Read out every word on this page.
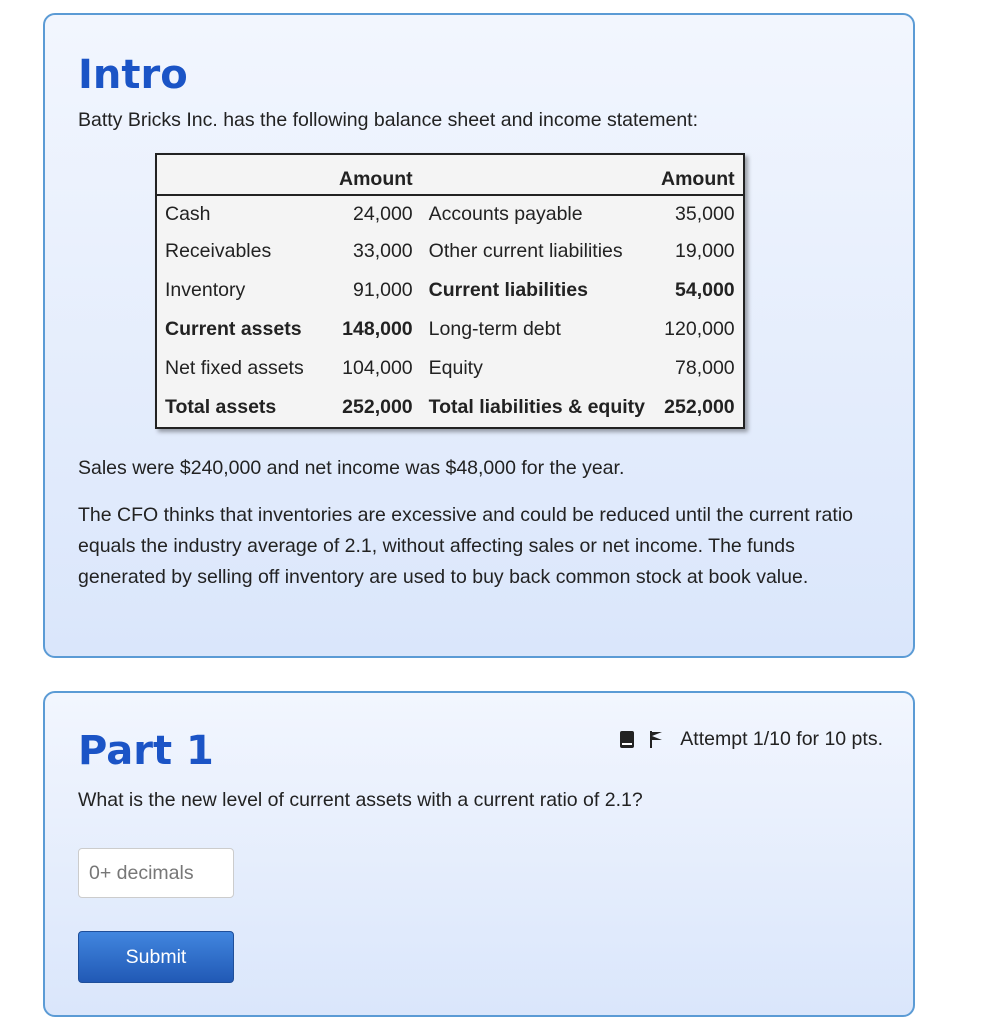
Intro

Batty Bricks Inc. has the following balance sheet and income statement:

	Amount		Amount
Cash	24,000	Accounts payable	35,000
Receivables	33,000	Other current liabilities	19,000
Inventory	91,000	Current liabilities	54,000
Current assets	148,000	Long-term debt	120,000
Net fixed assets	104,000	Equity	78,000
Total assets	252,000	Total liabilities & equity	252,000

Sales were $240,000 and net income was $48,000 for the year.

The CFO thinks that inventories are excessive and could be reduced until the current ratio equals the industry average of 2.1, without affecting sales or net income. The funds generated by selling off inventory are used to buy back common stock at book value.

Part 1	Attempt 1/10 for 10 pts.

What is the new level of current assets with a current ratio of 2.1?

0+ decimals
Submit
